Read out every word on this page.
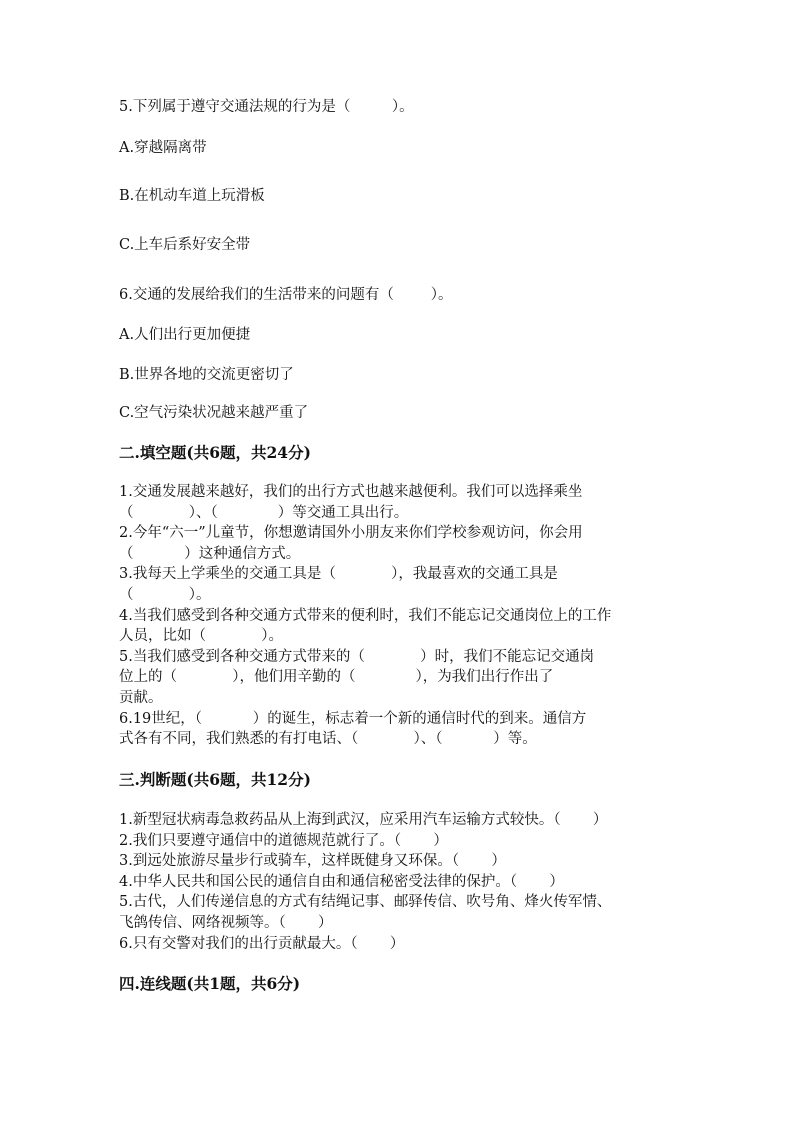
5.下列属于遵守交通法规的行为是（         ）。
A.穿越隔离带
B.在机动车道上玩滑板
C.上车后系好安全带
6.交通的发展给我们的生活带来的问题有（        ）。
A.人们出行更加便捷
B.世界各地的交流更密切了
C.空气污染状况越来越严重了
二.填空题(共6题，共24分)
1.交通发展越来越好，我们的出行方式也越来越便利。我们可以选择乘坐
（            ）、（             ）等交通工具出行。
2.今年“六一”儿童节，你想邀请国外小朋友来你们学校参观访问，你会用
（           ）这种通信方式。
3.我每天上学乘坐的交通工具是（            ），我最喜欢的交通工具是
（            ）。
4.当我们感受到各种交通方式带来的便利时，我们不能忘记交通岗位上的工作
人员，比如（            ）。
5.当我们感受到各种交通方式带来的（            ）时，我们不能忘记交通岗
位上的（            ），他们用辛勤的（             ），为我们出行作出了
贡献。
6.19世纪，（           ）的诞生，标志着一个新的通信时代的到来。通信方
式各有不同，我们熟悉的有打电话、（            ）、（           ）等。
三.判断题(共6题，共12分)
1.新型冠状病毒急救药品从上海到武汉，应采用汽车运输方式较快。（       ）
2.我们只要遵守通信中的道德规范就行了。（       ）
3.到远处旅游尽量步行或骑车，这样既健身又环保。（       ）
4.中华人民共和国公民的通信自由和通信秘密受法律的保护。（       ）
5.古代，人们传递信息的方式有结绳记事、邮驿传信、吹号角、烽火传军情、
飞鸽传信、网络视频等。（       ）
6.只有交警对我们的出行贡献最大。（       ）
四.连线题(共1题，共6分)
